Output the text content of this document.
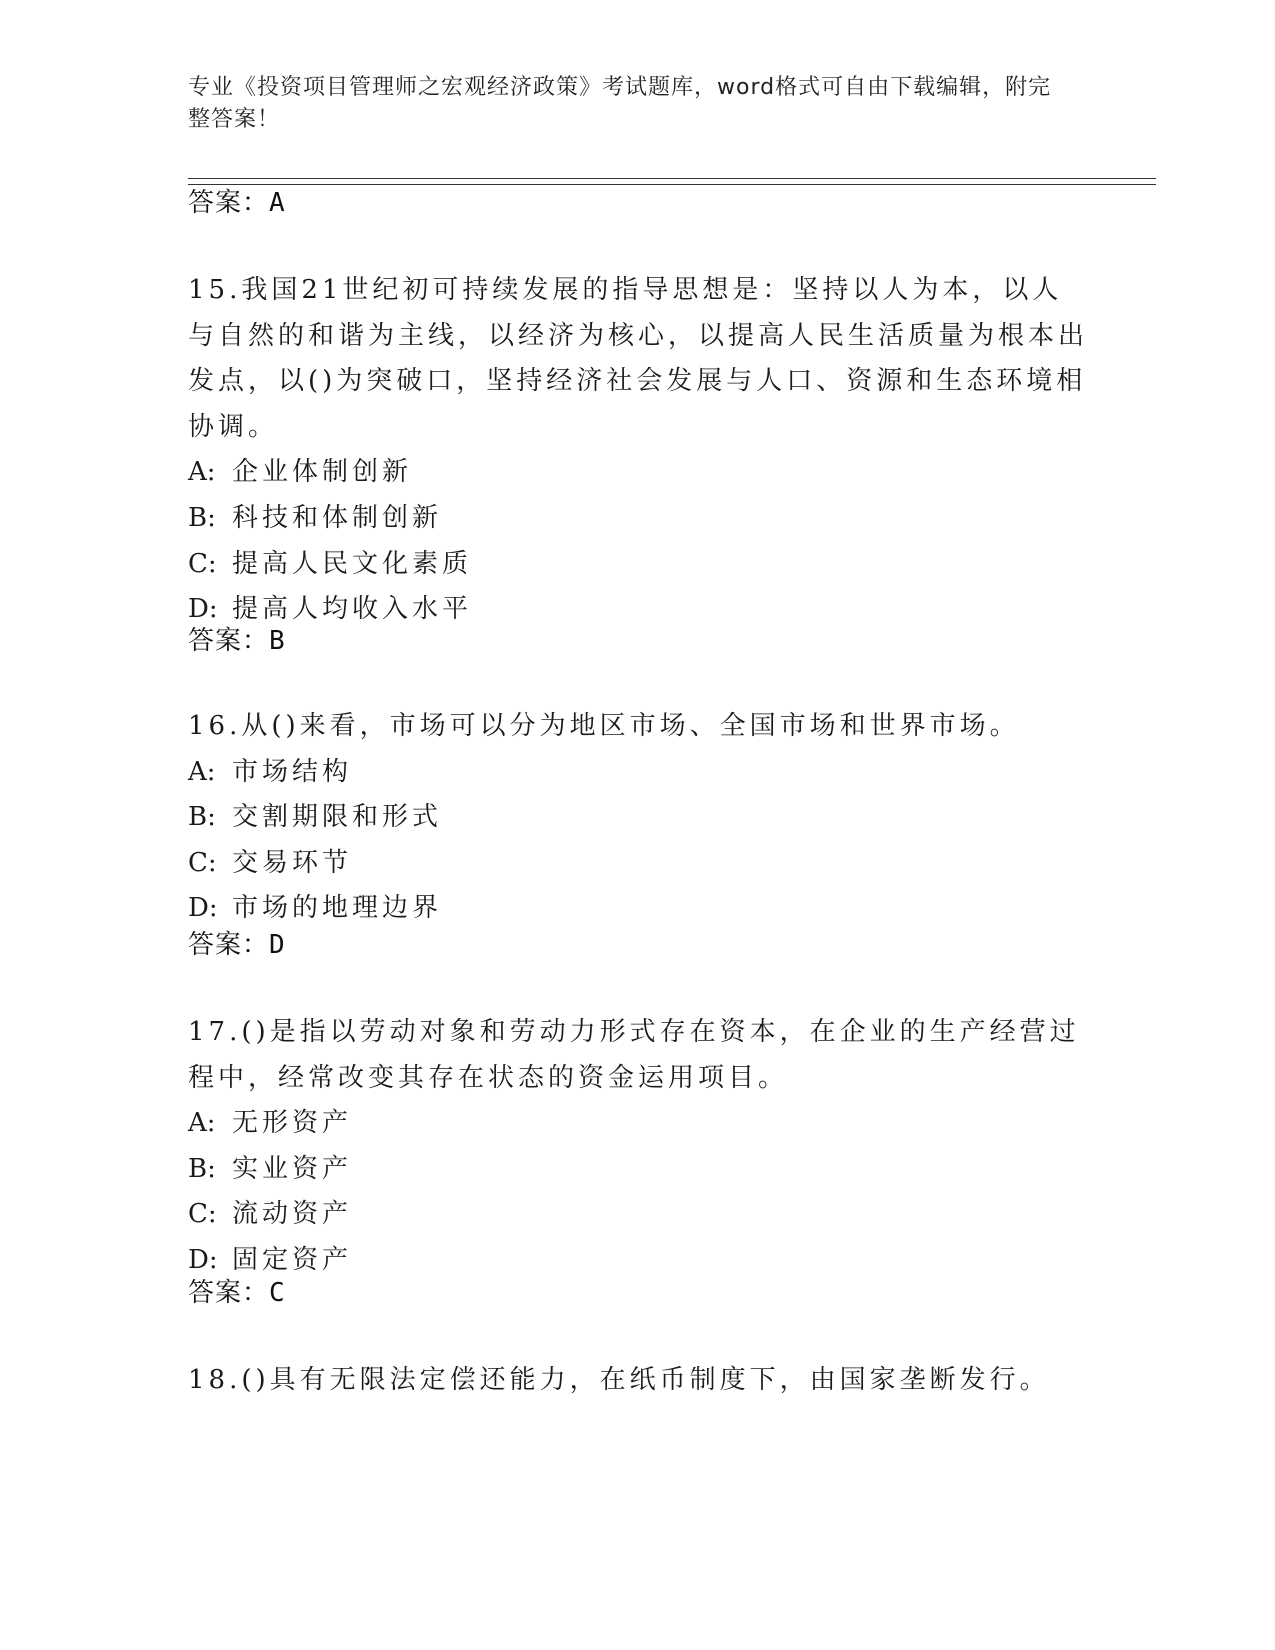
专业《投资项目管理师之宏观经济政策》考试题库，word格式可自由下载编辑，附完整答案！
答案：A

15.我国21世纪初可持续发展的指导思想是：坚持以人为本，以人与自然的和谐为主线，以经济为核心，以提高人民生活质量为根本出发点，以()为突破口，坚持经济社会发展与人口、资源和生态环境相协调。

A: 企业体制创新
B: 科技和体制创新
C: 提高人民文化素质
D: 提高人均收入水平
答案：B

16.从()来看，市场可以分为地区市场、全国市场和世界市场。

A: 市场结构
B: 交割期限和形式
C: 交易环节
D: 市场的地理边界
答案：D

17.()是指以劳动对象和劳动力形式存在资本，在企业的生产经营过程中，经常改变其存在状态的资金运用项目。

A: 无形资产
B: 实业资产
C: 流动资产
D: 固定资产
答案：C

18.()具有无限法定偿还能力，在纸币制度下，由国家垄断发行。
